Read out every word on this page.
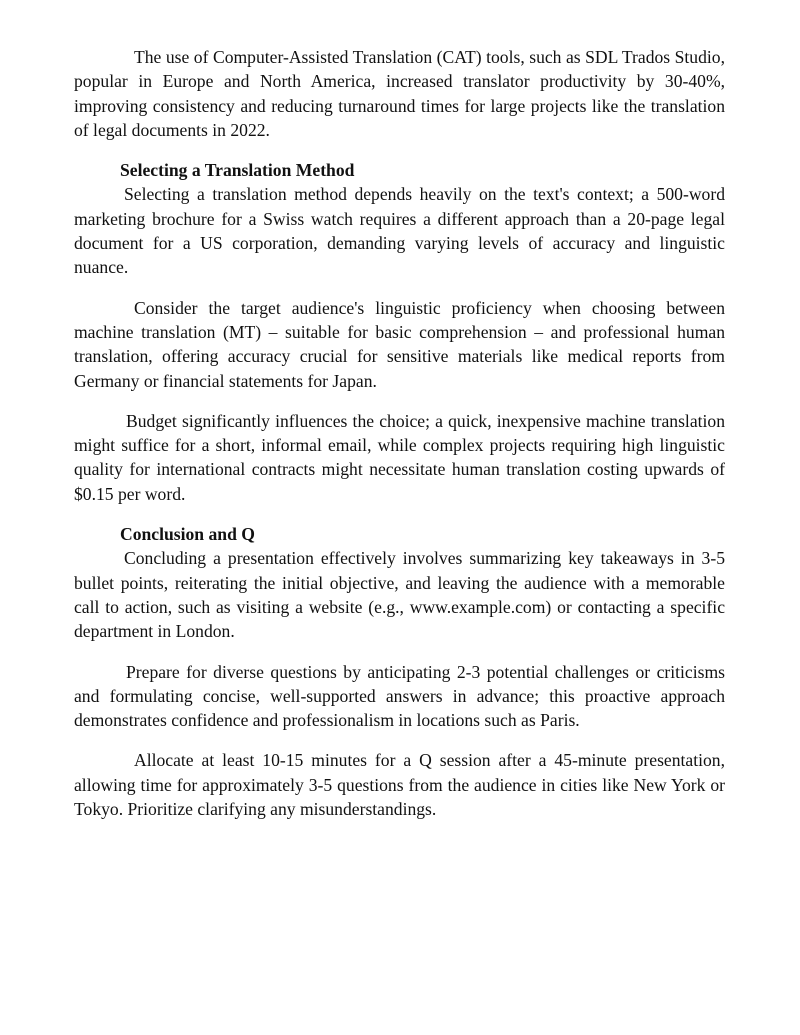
The use of Computer-Assisted Translation (CAT) tools, such as SDL Trados Studio, popular in Europe and North America, increased translator productivity by 30-40%, improving consistency and reducing turnaround times for large projects like the translation of legal documents in 2022.

Selecting a Translation Method

Selecting a translation method depends heavily on the text's context; a 500-word marketing brochure for a Swiss watch requires a different approach than a 20-page legal document for a US corporation, demanding varying levels of accuracy and linguistic nuance.

Consider the target audience's linguistic proficiency when choosing between machine translation (MT) – suitable for basic comprehension – and professional human translation, offering accuracy crucial for sensitive materials like medical reports from Germany or financial statements for Japan.

Budget significantly influences the choice; a quick, inexpensive machine translation might suffice for a short, informal email, while complex projects requiring high linguistic quality for international contracts might necessitate human translation costing upwards of $0.15 per word.

Conclusion and Q

Concluding a presentation effectively involves summarizing key takeaways in 3-5 bullet points, reiterating the initial objective, and leaving the audience with a memorable call to action, such as visiting a website (e.g., www.example.com) or contacting a specific department in London.

Prepare for diverse questions by anticipating 2-3 potential challenges or criticisms and formulating concise, well-supported answers in advance; this proactive approach demonstrates confidence and professionalism in locations such as Paris.

Allocate at least 10-15 minutes for a Q session after a 45-minute presentation, allowing time for approximately 3-5 questions from the audience in cities like New York or Tokyo. Prioritize clarifying any misunderstandings.
